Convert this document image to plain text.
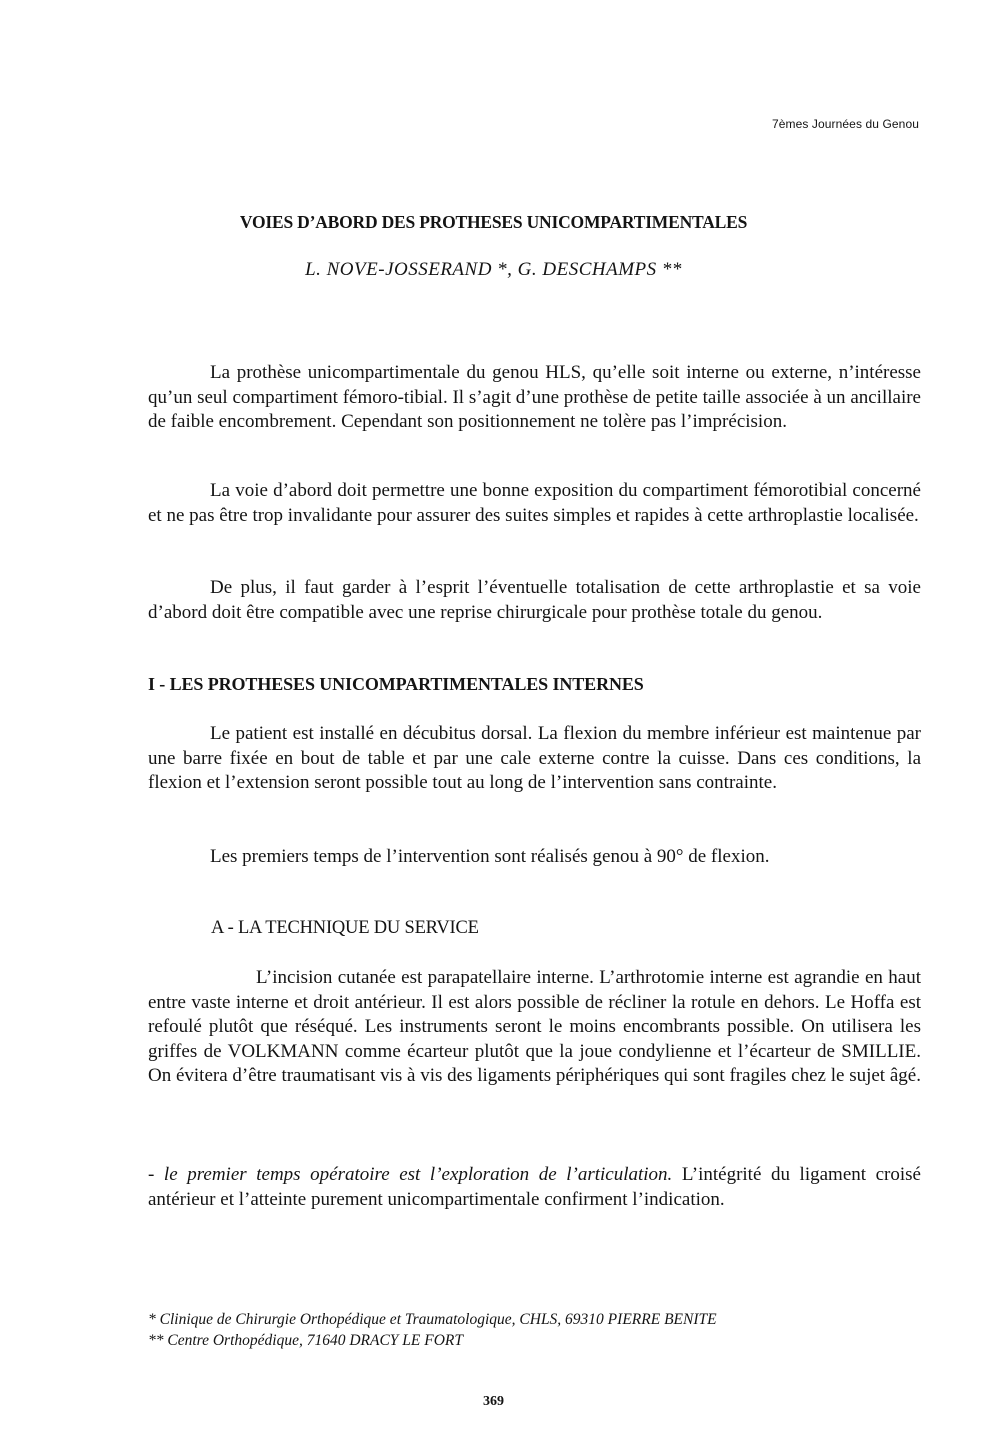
7èmes Journées du Genou
VOIES D’ABORD DES PROTHESES UNICOMPARTIMENTALES
L. NOVE-JOSSERAND *, G. DESCHAMPS **

La prothèse unicompartimentale du genou HLS, qu’elle soit interne ou externe, n’intéresse qu’un seul compartiment fémoro-tibial. Il s’agit d’une prothèse de petite taille associée à un ancillaire de faible encombrement. Cependant son positionnement ne tolère pas l’imprécision.

La voie d’abord doit permettre une bonne exposition du compartiment fémorotibial concerné et ne pas être trop invalidante pour assurer des suites simples et rapides à cette arthroplastie localisée.

De plus, il faut garder à l’esprit l’éventuelle totalisation de cette arthroplastie et sa voie d’abord doit être compatible avec une reprise chirurgicale pour prothèse totale du genou.

I - LES PROTHESES UNICOMPARTIMENTALES INTERNES

Le patient est installé en décubitus dorsal. La flexion du membre inférieur est maintenue par une barre fixée en bout de table et par une cale externe contre la cuisse. Dans ces conditions, la flexion et l’extension seront possible tout au long de l’intervention sans contrainte.

Les premiers temps de l’intervention sont réalisés genou à 90° de flexion.

A - LA TECHNIQUE DU SERVICE

L’incision cutanée est parapatellaire interne. L’arthrotomie interne est agrandie en haut entre vaste interne et droit antérieur. Il est alors possible de récliner la rotule en dehors. Le Hoffa est refoulé plutôt que réséqué. Les instruments seront le moins encombrants possible. On utilisera les griffes de VOLKMANN comme écarteur plutôt que la joue condylienne et l’écarteur de SMILLIE. On évitera d’être traumatisant vis à vis des ligaments périphériques qui sont fragiles chez le sujet âgé.

- le premier temps opératoire est l’exploration de l’articulation. L’intégrité du ligament croisé antérieur et l’atteinte purement unicompartimentale confirment l’indication.

* Clinique de Chirurgie Orthopédique et Traumatologique, CHLS, 69310 PIERRE BENITE
** Centre Orthopédique, 71640 DRACY LE FORT
369
